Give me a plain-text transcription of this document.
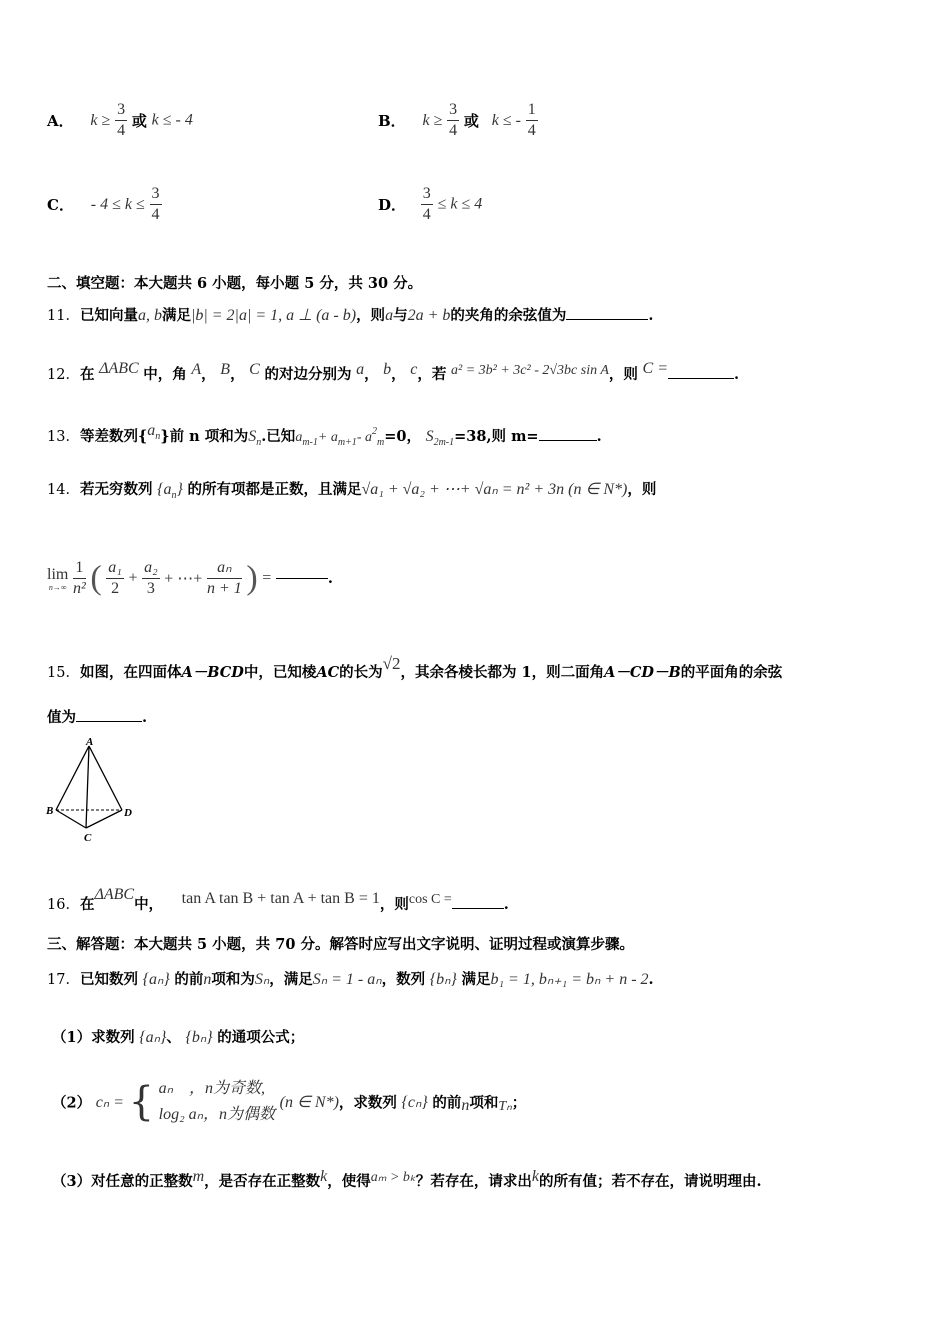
A． $k \ge \frac{3}{4}$ 或 k ≤ - 4	B． $k \ge \frac{3}{4}$ 或 k ≤ - $\frac{1}{4}$
C． - $4 \le k \le \frac{3}{4}$	D． $\frac{3}{4} \le k \le 4$
二、填空题：本大题共 6 小题，每小题 5 分，共 30 分。
11．已知向量a, b满足|b| = 2|a| = 1, a ⊥ (a - b)，则a与2a + b的夹角的余弦值为	.
12．在 ΔABC 中，角 A， B， C 的对边分别为 a， b， c，若 a² = 3b² + 3c² - 2√3bc sin A，则 C =	.
13．等差数列$\{a_n\}$前 n 项和为$S_n$.已知$a_{m-1}+ a_{m+1}-$ $a^2_m=0$， $S_{2m-1}=38$,则 m=	.
14．若无穷数列 $\{a_n\}$ 的所有项都是正数，且满足√a₁ + √a₂ + ⋯+ √aₙ = n² + 3n (n ∈ N*)，则
lim
n→∞
$\frac{1}{\text{n²}}$ ( $\frac{\text{a₁}}{2} + \frac{\text{a₂}}{3}$ + ⋯+ $\frac{\text{aₙ}}{n + 1}$ ) =	.
15．如图，在四面体A－BCD中，已知棱AC的长为√2，其余各棱长都为 1，则二面角A－CD－B的平面角的余弦
值为	.
A
B
C
D
16．在ΔABC中， tan A tan B + tan A + tan B = 1，则cos C =	.
三、解答题：本大题共 5 小题，共 70 分。解答时应写出文字说明、证明过程或演算步骤。
17．已知数列 {aₙ} 的前n项和为Sₙ，满足Sₙ = 1 - aₙ，数列 {bₙ} 满足b₁ = 1, bₙ₊₁ = bₙ + n - 2.
（1）求数列 {aₙ}、 {bₙ} 的通项公式；
（2） cₙ = { aₙ　，n为奇数,
log₂ aₙ，n为偶数
(n ∈ N*)，求数列 {cₙ} 的前n项和Tₙ；
（3）对任意的正整数m，是否存在正整数k，使得aₘ > bₖ？若存在，请求出k的所有值；若不存在，请说明理由.
